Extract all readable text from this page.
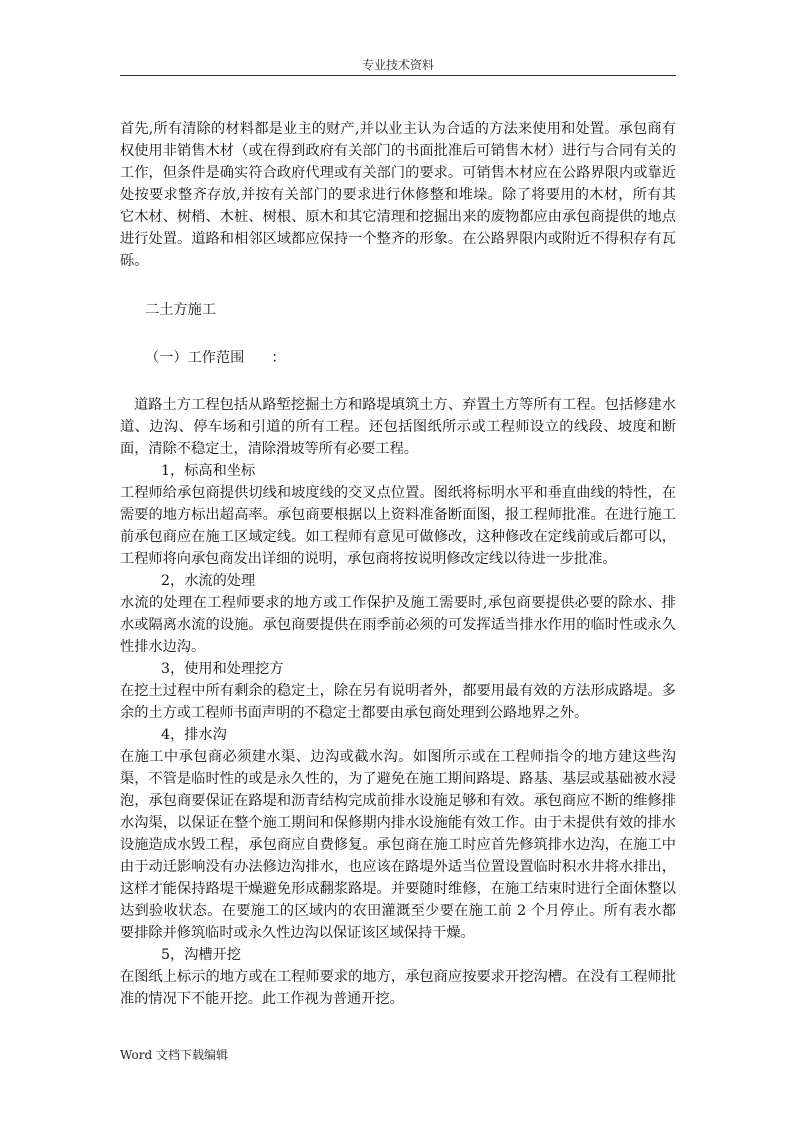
专业技术资料

首先,所有清除的材料都是业主的财产,并以业主认为合适的方法来使用和处置。承包商有权使用非销售木材（或在得到政府有关部门的书面批准后可销售木材）进行与合同有关的工作，但条件是确实符合政府代理或有关部门的要求。可销售木材应在公路界限内或靠近处按要求整齐存放,并按有关部门的要求进行休修整和堆垛。除了将要用的木材，所有其它木材、树梢、木桩、树根、原木和其它清理和挖掘出来的废物都应由承包商提供的地点进行处置。道路和相邻区域都应保持一个整齐的形象。在公路界限内或附近不得积存有瓦砾。

二土方施工

（一）工作范围      ：

道路土方工程包括从路堑挖掘土方和路堤填筑土方、弃置土方等所有工程。包括修建水道、边沟、停车场和引道的所有工程。还包括图纸所示或工程师设立的线段、坡度和断面，清除不稳定土，清除滑坡等所有必要工程。

1，标高和坐标

工程师给承包商提供切线和坡度线的交叉点位置。图纸将标明水平和垂直曲线的特性，在需要的地方标出超高率。承包商要根据以上资料准备断面图，报工程师批准。在进行施工前承包商应在施工区域定线。如工程师有意见可做修改，这种修改在定线前或后都可以，工程师将向承包商发出详细的说明，承包商将按说明修改定线以待进一步批准。

2，水流的处理

水流的处理在工程师要求的地方或工作保护及施工需要时,承包商要提供必要的除水、排水或隔离水流的设施。承包商要提供在雨季前必须的可发挥适当排水作用的临时性或永久性排水边沟。

3，使用和处理挖方

在挖土过程中所有剩余的稳定土，除在另有说明者外，都要用最有效的方法形成路堤。多余的土方或工程师书面声明的不稳定土都要由承包商处理到公路地界之外。

4，排水沟

在施工中承包商必须建水渠、边沟或截水沟。如图所示或在工程师指令的地方建这些沟渠，不管是临时性的或是永久性的，为了避免在施工期间路堤、路基、基层或基础被水浸泡，承包商要保证在路堤和沥青结构完成前排水设施足够和有效。承包商应不断的维修排水沟渠，以保证在整个施工期间和保修期内排水设施能有效工作。由于未提供有效的排水设施造成水毁工程，承包商应自费修复。承包商在施工时应首先修筑排水边沟，在施工中由于动迁影响没有办法修边沟排水，也应该在路堤外适当位置设置临时积水井将水排出，这样才能保持路堤干燥避免形成翻浆路堤。并要随时维修，在施工结束时进行全面休整以达到验收状态。在要施工的区域内的农田灌溉至少要在施工前 2 个月停止。所有表水都要排除并修筑临时或永久性边沟以保证该区域保持干燥。

5，沟槽开挖

在图纸上标示的地方或在工程师要求的地方，承包商应按要求开挖沟槽。在没有工程师批准的情况下不能开挖。此工作视为普通开挖。

Word 文档下载编辑
